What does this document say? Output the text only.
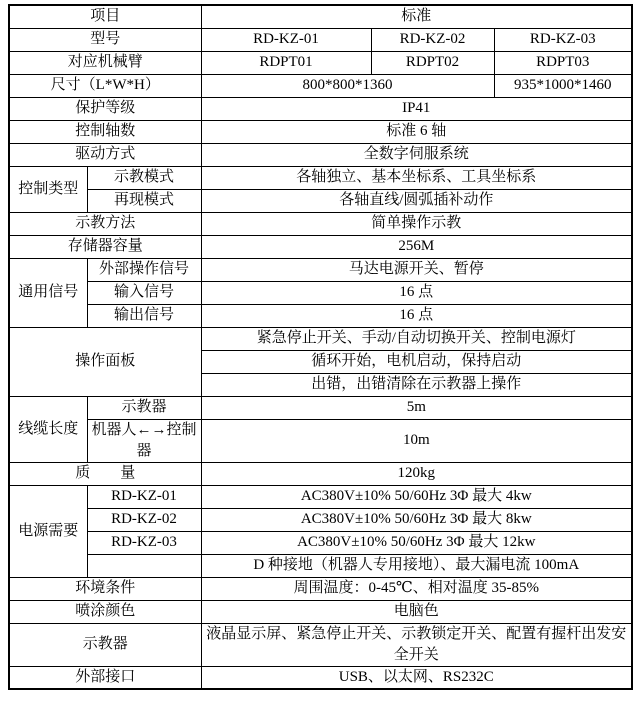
项目		标准		
型号		RD-KZ-01	RD-KZ-02	RD-KZ-03
对应机械臂		RDPT01	RDPT02	RDPT03
尺寸（L*W*H）		800*800*1360		935*1000*1460
保护等级		IP41		
控制轴数		标准 6 轴		
驱动方式		全数字伺服系统		
控制类型	示教模式	各轴独立、基本坐标系、工具坐标系		
	再现模式	各轴直线/圆弧插补动作		
示教方法		简单操作示教		
存储器容量		256M		
通用信号	外部操作信号	马达电源开关、暂停		
	输入信号	16 点		
	输出信号	16 点		
操作面板		紧急停止开关、手动/自动切换开关、控制电源灯		
		循环开始，电机启动，保持启动		
		出错，出错清除在示教器上操作		
线缆长度	示教器	5m		
	机器人←→控制器	10m		
质　　量		120kg		
电源需要	RD-KZ-01	AC380V±10% 50/60Hz 3Φ 最大 4kw		
	RD-KZ-02	AC380V±10% 50/60Hz 3Φ 最大 8kw		
	RD-KZ-03	AC380V±10% 50/60Hz 3Φ 最大 12kw		
		D 种接地（机器人专用接地）、最大漏电流 100mA		
环境条件		周围温度：0-45℃、相对温度 35-85%		
喷涂颜色		电脑色		
示教器		液晶显示屏、紧急停止开关、示教锁定开关、配置有握杆出发安全开关		
外部接口		USB、以太网、RS232C		
